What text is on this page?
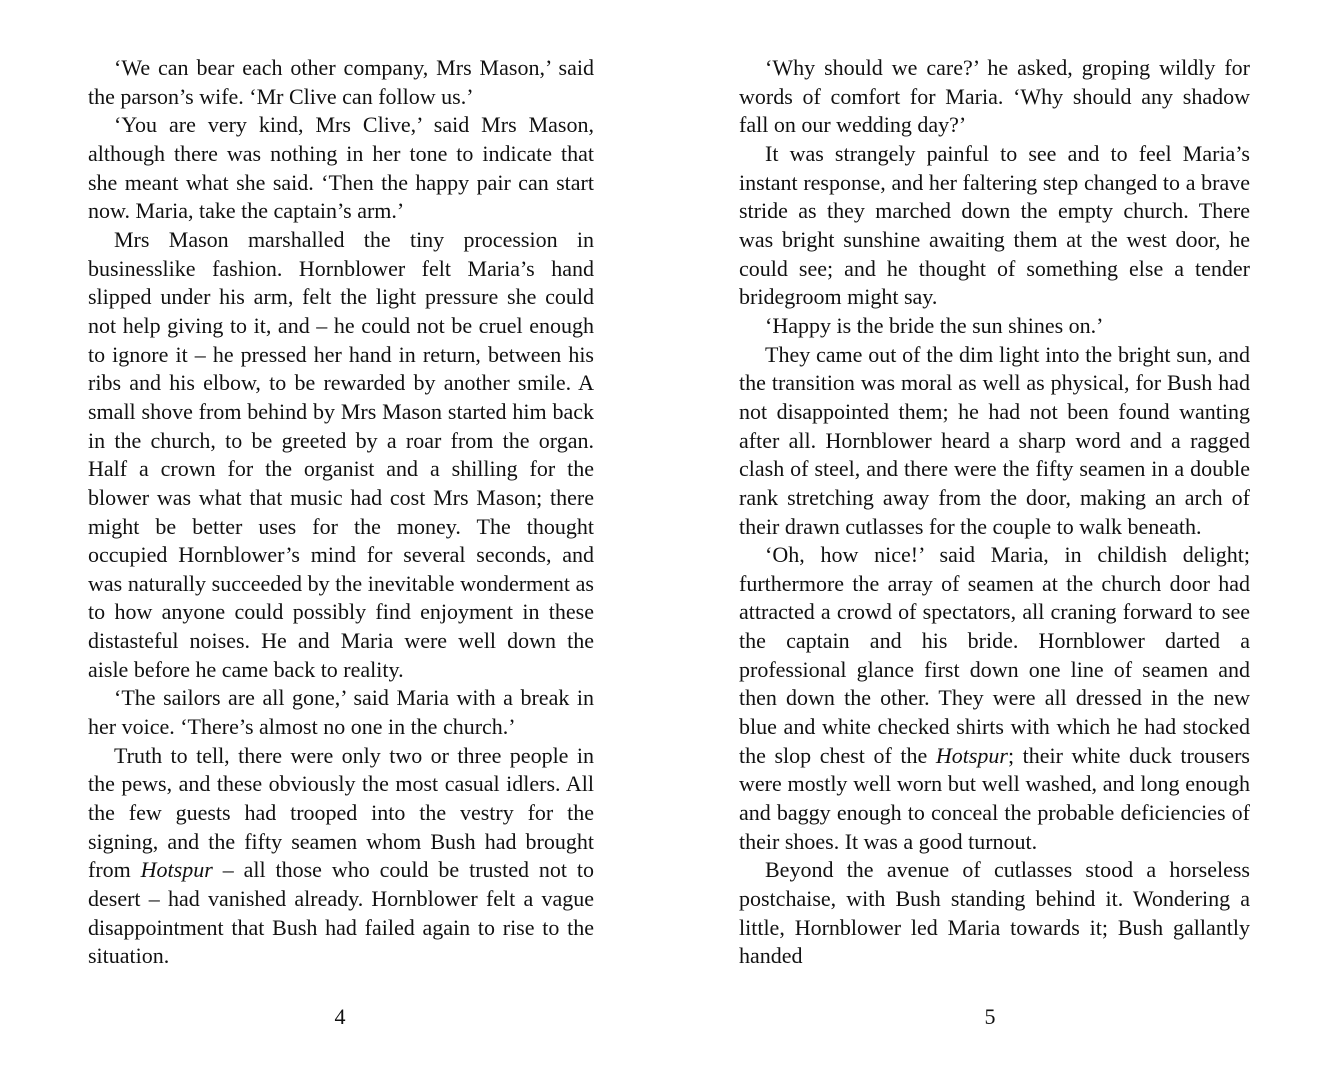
‘We can bear each other company, Mrs Mason,’ said the parson’s wife. ‘Mr Clive can follow us.’

‘You are very kind, Mrs Clive,’ said Mrs Mason, although there was nothing in her tone to indicate that she meant what she said. ‘Then the happy pair can start now. Maria, take the captain’s arm.’

Mrs Mason marshalled the tiny procession in businesslike fashion. Hornblower felt Maria’s hand slipped under his arm, felt the light pressure she could not help giving to it, and – he could not be cruel enough to ignore it – he pressed her hand in return, between his ribs and his elbow, to be rewarded by another smile. A small shove from behind by Mrs Mason started him back in the church, to be greeted by a roar from the organ. Half a crown for the organist and a shilling for the blower was what that music had cost Mrs Mason; there might be better uses for the money. The thought occupied Hornblower’s mind for several seconds, and was naturally succeeded by the inevitable wonderment as to how anyone could possibly find enjoyment in these distasteful noises. He and Maria were well down the aisle before he came back to reality.

‘The sailors are all gone,’ said Maria with a break in her voice. ‘There’s almost no one in the church.’

Truth to tell, there were only two or three people in the pews, and these obviously the most casual idlers. All the few guests had trooped into the vestry for the signing, and the fifty seamen whom Bush had brought from Hotspur – all those who could be trusted not to desert – had vanished already. Hornblower felt a vague disappointment that Bush had failed again to rise to the situation.

4

‘Why should we care?’ he asked, groping wildly for words of comfort for Maria. ‘Why should any shadow fall on our wedding day?’

It was strangely painful to see and to feel Maria’s instant response, and her faltering step changed to a brave stride as they marched down the empty church. There was bright sunshine awaiting them at the west door, he could see; and he thought of something else a tender bridegroom might say.

‘Happy is the bride the sun shines on.’

They came out of the dim light into the bright sun, and the transition was moral as well as physical, for Bush had not disappointed them; he had not been found wanting after all. Hornblower heard a sharp word and a ragged clash of steel, and there were the fifty seamen in a double rank stretching away from the door, making an arch of their drawn cutlasses for the couple to walk beneath.

‘Oh, how nice!’ said Maria, in childish delight; furthermore the array of seamen at the church door had attracted a crowd of spectators, all craning forward to see the captain and his bride. Hornblower darted a professional glance first down one line of seamen and then down the other. They were all dressed in the new blue and white checked shirts with which he had stocked the slop chest of the Hotspur; their white duck trousers were mostly well worn but well washed, and long enough and baggy enough to conceal the probable deficiencies of their shoes. It was a good turnout.

Beyond the avenue of cutlasses stood a horseless postchaise, with Bush standing behind it. Wondering a little, Hornblower led Maria towards it; Bush gallantly handed

5
